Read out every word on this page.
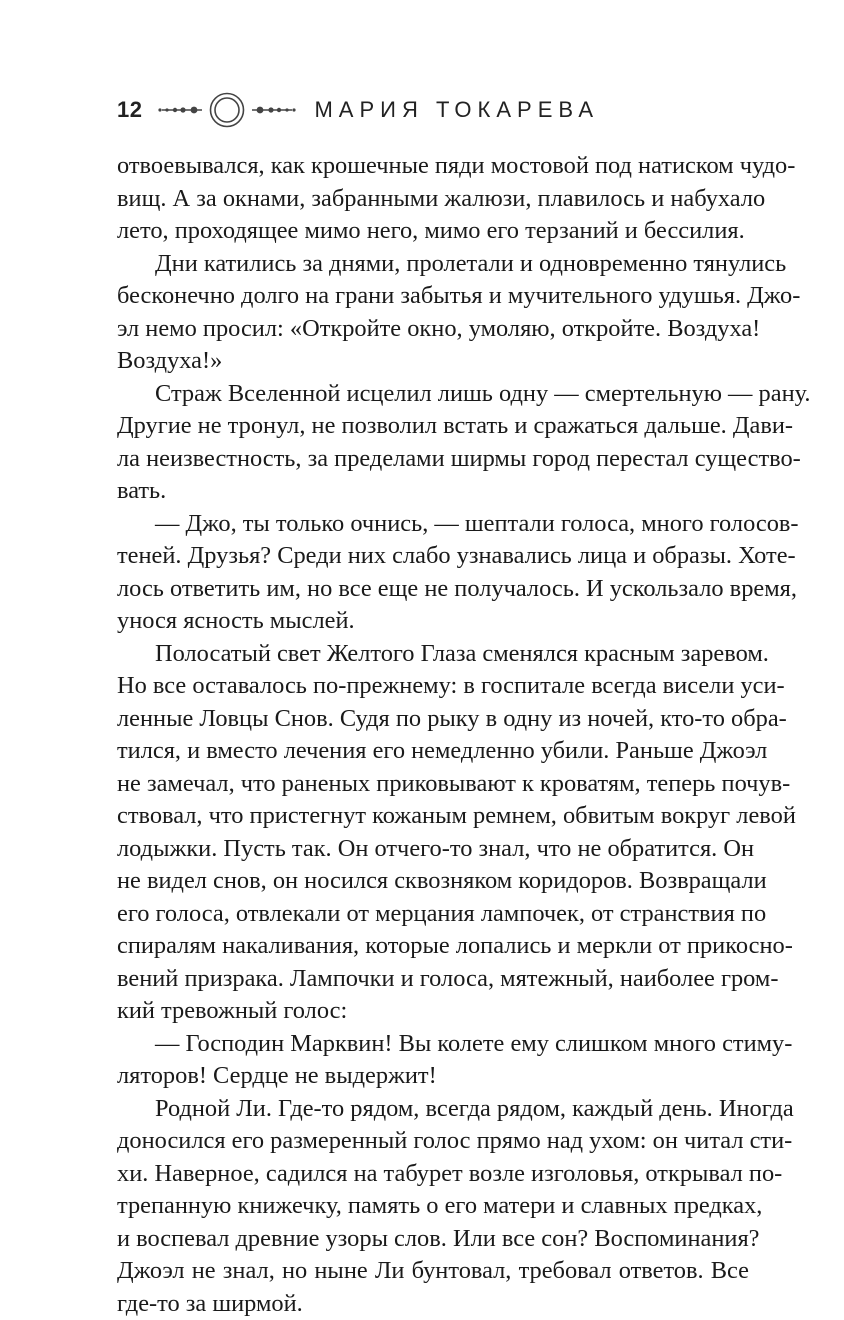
12	МАРИЯ ТОКАРЕВА
отвоевывался, как крошечные пяди мостовой под натиском чудо-
вищ. А за окнами, забранными жалюзи, плавилось и набухало
лето, проходящее мимо него, мимо его терзаний и бессилия.
Дни катились за днями, пролетали и одновременно тянулись
бесконечно долго на грани забытья и мучительного удушья. Джо-
эл немо просил: «Откройте окно, умоляю, откройте. Воздуха!
Воздуха!»
Страж Вселенной исцелил лишь одну — смертельную — рану.
Другие не тронул, не позволил встать и сражаться дальше. Дави-
ла неизвестность, за пределами ширмы город перестал существо-
вать.
— Джо, ты только очнись, — шептали голоса, много голосов-
теней. Друзья? Среди них слабо узнавались лица и образы. Хоте-
лось ответить им, но все еще не получалось. И ускользало время,
унося ясность мыслей.
Полосатый свет Желтого Глаза сменялся красным заревом.
Но все оставалось по-прежнему: в госпитале всегда висели уси-
ленные Ловцы Снов. Судя по рыку в одну из ночей, кто-то обра-
тился, и вместо лечения его немедленно убили. Раньше Джоэл
не замечал, что раненых приковывают к кроватям, теперь почув-
ствовал, что пристегнут кожаным ремнем, обвитым вокруг левой
лодыжки. Пусть так. Он отчего-то знал, что не обратится. Он
не видел снов, он носился сквозняком коридоров. Возвращали
его голоса, отвлекали от мерцания лампочек, от странствия по
спиралям накаливания, которые лопались и меркли от прикосно-
вений призрака. Лампочки и голоса, мятежный, наиболее гром-
кий тревожный голос:
— Господин Марквин! Вы колете ему слишком много стиму-
ляторов! Сердце не выдержит!
Родной Ли. Где-то рядом, всегда рядом, каждый день. Иногда
доносился его размеренный голос прямо над ухом: он читал сти-
хи. Наверное, садился на табурет возле изголовья, открывал по-
трепанную книжечку, память о его матери и славных предках,
и воспевал древние узоры слов. Или все сон? Воспоминания?
Джоэл не знал, но ныне Ли бунтовал, требовал ответов. Все
где-то за ширмой.
